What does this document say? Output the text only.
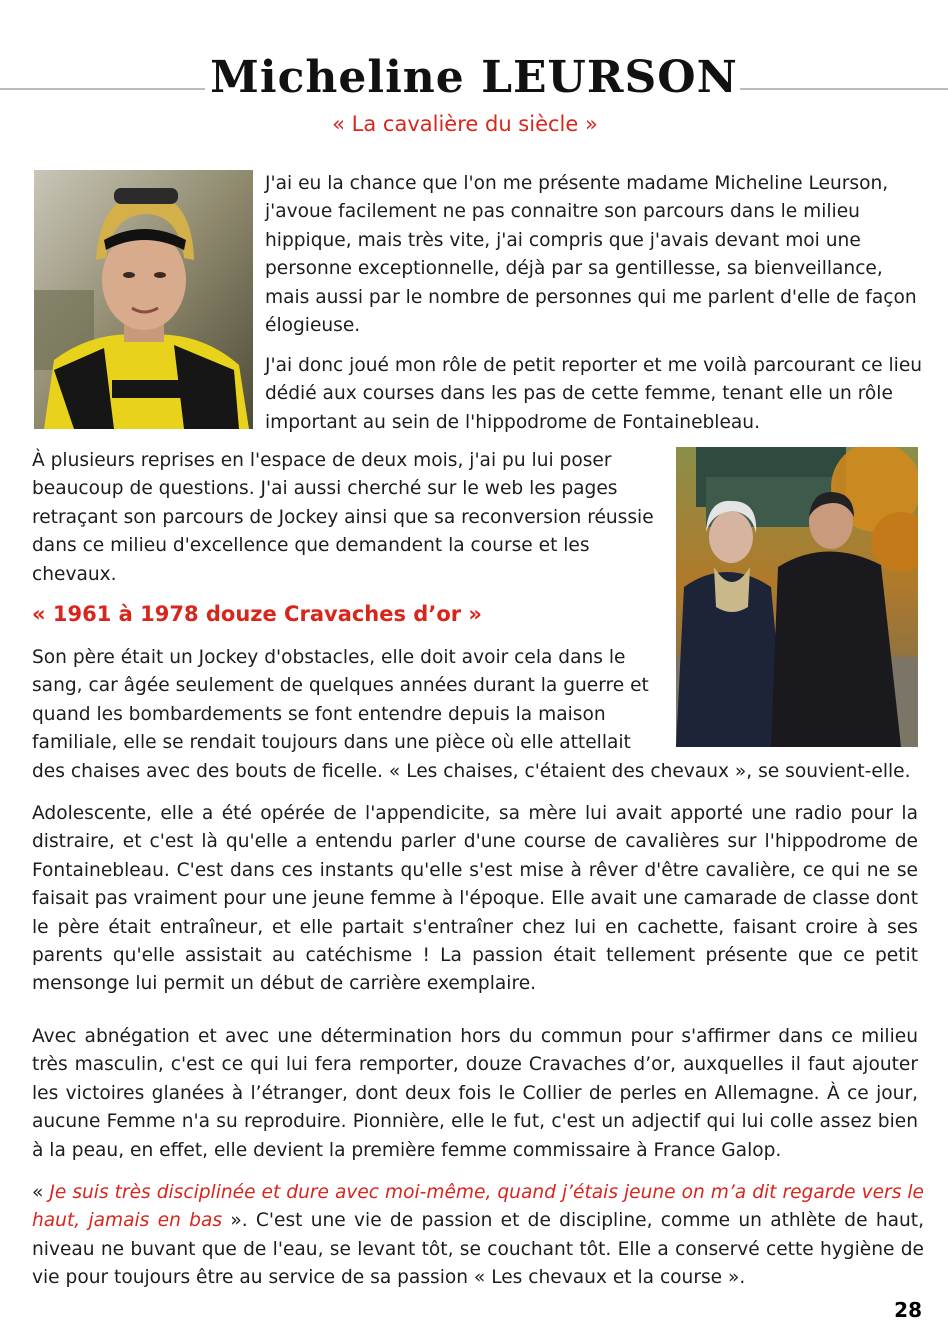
Micheline LEURSON
« La cavalière du siècle »

J'ai eu la chance que l'on me présente madame Micheline Leurson, j'avoue facilement ne pas connaitre son parcours dans le milieu hippique, mais très vite, j'ai compris que j'avais devant moi une personne exceptionnelle, déjà par sa gentillesse, sa bienveillance, mais aussi par le nombre de personnes qui me parlent d'elle de façon élogieuse.

J'ai donc joué mon rôle de petit reporter et me voilà parcourant ce lieu dédié aux courses dans les pas de cette femme, tenant elle un rôle important au sein de l'hippodrome de Fontainebleau.

À plusieurs reprises en l'espace de deux mois, j'ai pu lui poser beaucoup de questions. J'ai aussi cherché sur le web les pages retraçant son parcours de Jockey ainsi que sa reconversion réussie dans ce milieu d'excellence que demandent la course et les chevaux.

« 1961 à 1978 douze Cravaches d’or »

Son père était un Jockey d'obstacles, elle doit avoir cela dans le sang, car âgée seulement de quelques années durant la guerre et quand les bombardements se font entendre depuis la maison familiale, elle se rendait toujours dans une pièce où elle attellait

des chaises avec des bouts de ficelle. « Les chaises, c'étaient des chevaux », se souvient-elle.

Adolescente, elle a été opérée de l'appendicite, sa mère lui avait apporté une radio pour la distraire, et c'est là qu'elle a entendu parler d'une course de cavalières sur l'hippodrome de Fontainebleau. C'est dans ces instants qu'elle s'est mise à rêver d'être cavalière, ce qui ne se faisait pas vraiment pour une jeune femme à l'époque. Elle avait une camarade de classe dont le père était entraîneur, et elle partait s'entraîner chez lui en cachette, faisant croire à ses parents qu'elle assistait au catéchisme ! La passion était tellement présente que ce petit mensonge lui permit un début de carrière exemplaire.

Avec abnégation et avec une détermination hors du commun pour s'affirmer dans ce milieu très masculin, c'est ce qui lui fera remporter, douze Cravaches d’or, auxquelles il faut ajouter les victoires glanées à l’étranger, dont deux fois le Collier de perles en Allemagne. À ce jour, aucune Femme n'a su reproduire. Pionnière, elle le fut, c'est un adjectif qui lui colle assez bien à la peau, en effet, elle devient la première femme commissaire à France Galop.

« Je suis très disciplinée et dure avec moi-même, quand j’étais jeune on m’a dit regarde vers le haut, jamais en bas ». C'est une vie de passion et de discipline, comme un athlète de haut, niveau ne buvant que de l'eau, se levant tôt, se couchant tôt. Elle a conservé cette hygiène de vie pour toujours être au service de sa passion « Les chevaux et la course ».

28
